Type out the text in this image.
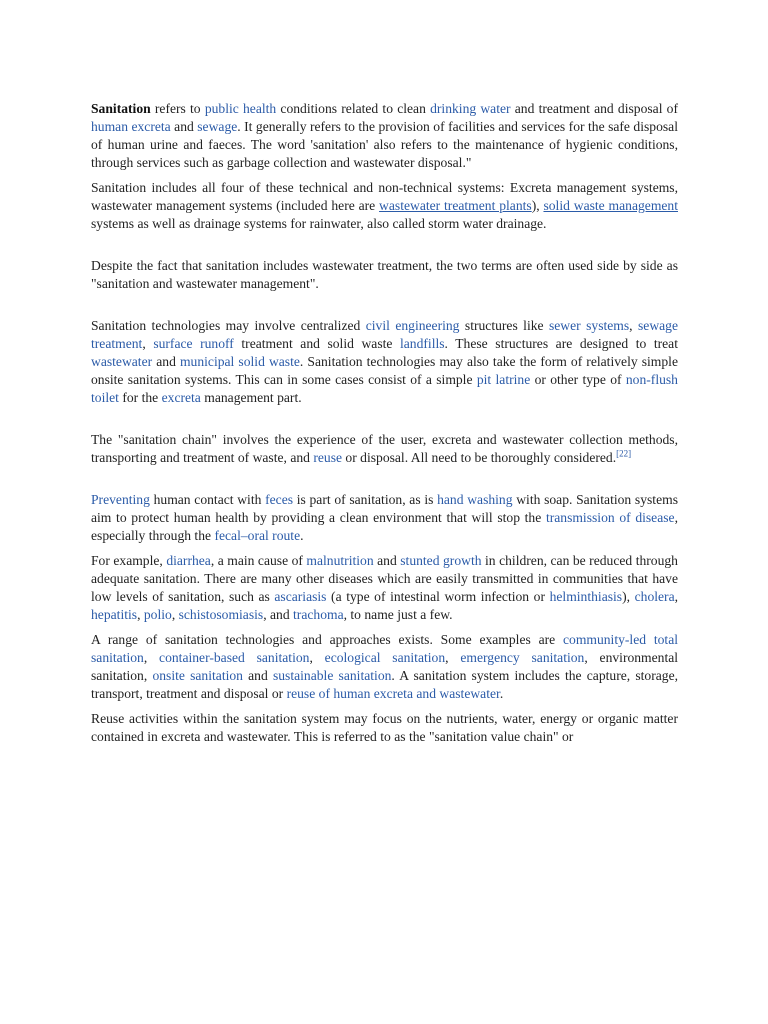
Sanitation refers to public health conditions related to clean drinking water and treatment and disposal of human excreta and sewage. It generally refers to the provision of facilities and services for the safe disposal of human urine and faeces. The word 'sanitation' also refers to the maintenance of hygienic conditions, through services such as garbage collection and wastewater disposal."

Sanitation includes all four of these technical and non-technical systems: Excreta management systems, wastewater management systems (included here are wastewater treatment plants), solid waste management systems as well as drainage systems for rainwater, also called storm water drainage.

Despite the fact that sanitation includes wastewater treatment, the two terms are often used side by side as "sanitation and wastewater management".

Sanitation technologies may involve centralized civil engineering structures like sewer systems, sewage treatment, surface runoff treatment and solid waste landfills. These structures are designed to treat wastewater and municipal solid waste. Sanitation technologies may also take the form of relatively simple onsite sanitation systems. This can in some cases consist of a simple pit latrine or other type of non-flush toilet for the excreta management part.

The "sanitation chain" involves the experience of the user, excreta and wastewater collection methods, transporting and treatment of waste, and reuse or disposal. All need to be thoroughly considered.[22]

Preventing human contact with feces is part of sanitation, as is hand washing with soap. Sanitation systems aim to protect human health by providing a clean environment that will stop the transmission of disease, especially through the fecal–oral route.

For example, diarrhea, a main cause of malnutrition and stunted growth in children, can be reduced through adequate sanitation. There are many other diseases which are easily transmitted in communities that have low levels of sanitation, such as ascariasis (a type of intestinal worm infection or helminthiasis), cholera, hepatitis, polio, schistosomiasis, and trachoma, to name just a few.

A range of sanitation technologies and approaches exists. Some examples are community-led total sanitation, container-based sanitation, ecological sanitation, emergency sanitation, environmental sanitation, onsite sanitation and sustainable sanitation. A sanitation system includes the capture, storage, transport, treatment and disposal or reuse of human excreta and wastewater.

Reuse activities within the sanitation system may focus on the nutrients, water, energy or organic matter contained in excreta and wastewater. This is referred to as the "sanitation value chain" or
